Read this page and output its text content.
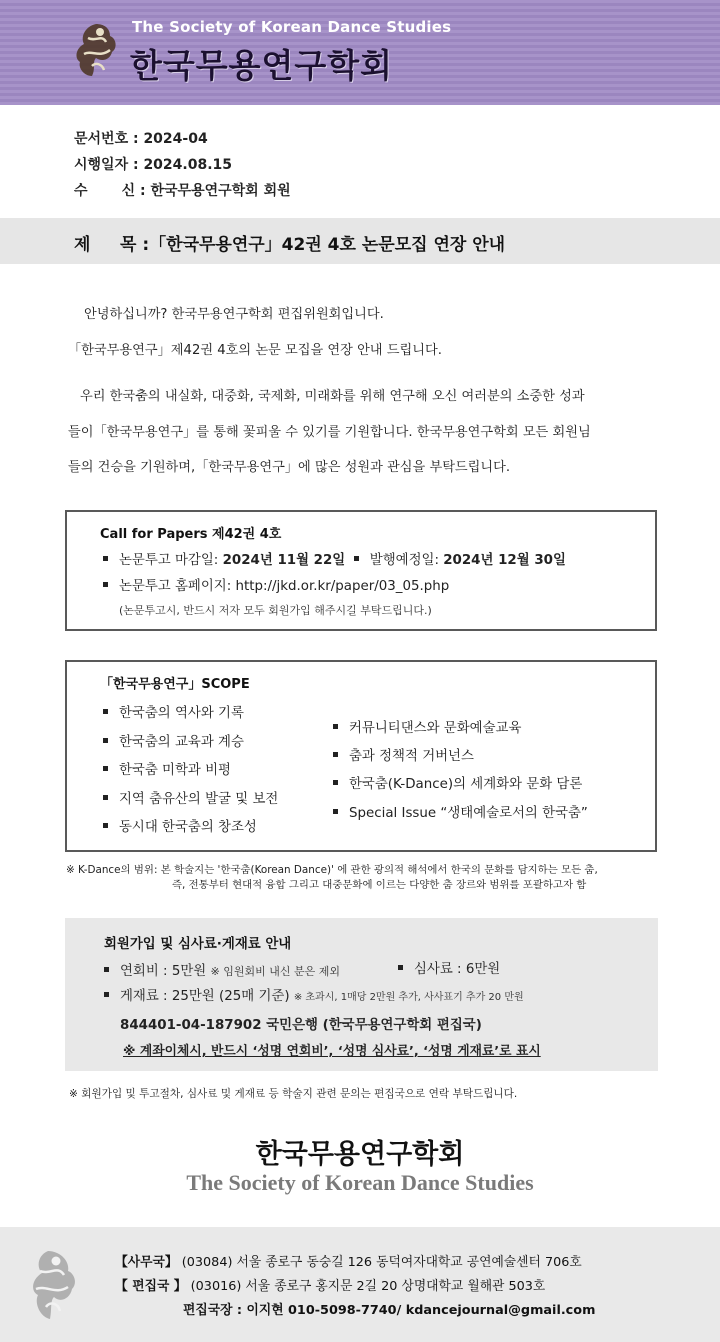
The Society of Korean Dance Studies
한국무용연구학회
문서번호 : 2024-04
시행일자 : 2024.08.15
수       신 : 한국무용연구학회 회원
제     목 :「한국무용연구」42권 4호 논문모집 연장 안내
안녕하십니까? 한국무용연구학회 편집위원회입니다.
「한국무용연구」제42권 4호의 논문 모집을 연장 안내 드립니다.
우리 한국춤의 내실화, 대중화, 국제화, 미래화를 위해 연구해 오신 여러분의 소중한 성과
들이「한국무용연구」를 통해 꽃피울 수 있기를 기원합니다. 한국무용연구학회 모든 회원님
들의 건승을 기원하며,「한국무용연구」에 많은 성원과 관심을 부탁드립니다.
Call for Papers 제42권 4호
논문투고 마감일: 2024년 11월 22일 발행예정일: 2024년 12월 30일
논문투고 홈페이지: http://jkd.or.kr/paper/03_05.php
(논문투고시, 반드시 저자 모두 회원가입 해주시길 부탁드립니다.)
「한국무용연구」SCOPE
한국춤의 역사와 기록
한국춤의 교육과 계승
한국춤 미학과 비평
지역 춤유산의 발굴 및 보전
동시대 한국춤의 창조성
커뮤니티댄스와 문화예술교육
춤과 정책적 거버넌스
한국춤(K-Dance)의 세계화와 문화 담론
Special Issue “생태예술로서의 한국춤”
※ K-Dance의 범위: 본 학술지는 '한국춤(Korean Dance)' 에 관한 광의적 해석에서 한국의 문화를 담지하는 모든 춤,
즉, 전통부터 현대적 융합 그리고 대중문화에 이르는 다양한 춤 장르와 범위를 포괄하고자 함
회원가입 및 심사료·게재료 안내
연회비 : 5만원 ※ 임원회비 내신 분은 제외	심사료 : 6만원
게재료 : 25만원 (25매 기준) ※ 초과시, 1매당 2만원 추가, 사사표기 추가 20 만원
844401-04-187902 국민은행 (한국무용연구학회 편집국)
※ 계좌이체시, 반드시 ‘성명 연회비’, ‘성명 심사료’, ‘성명 게재료’로 표시
※ 회원가입 및 투고절차, 심사료 및 게재료 등 학술지 관련 문의는 편집국으로 연락 부탁드립니다.
한국무용연구학회
The Society of Korean Dance Studies
【사무국】 (03084) 서울 종로구 동숭길 126 동덕여자대학교 공연예술센터 706호
【 편집국 】 (03016) 서울 종로구 홍지문 2길 20 상명대학교 월해관 503호
편집국장 : 이지현 010-5098-7740/ kdancejournal@gmail.com
